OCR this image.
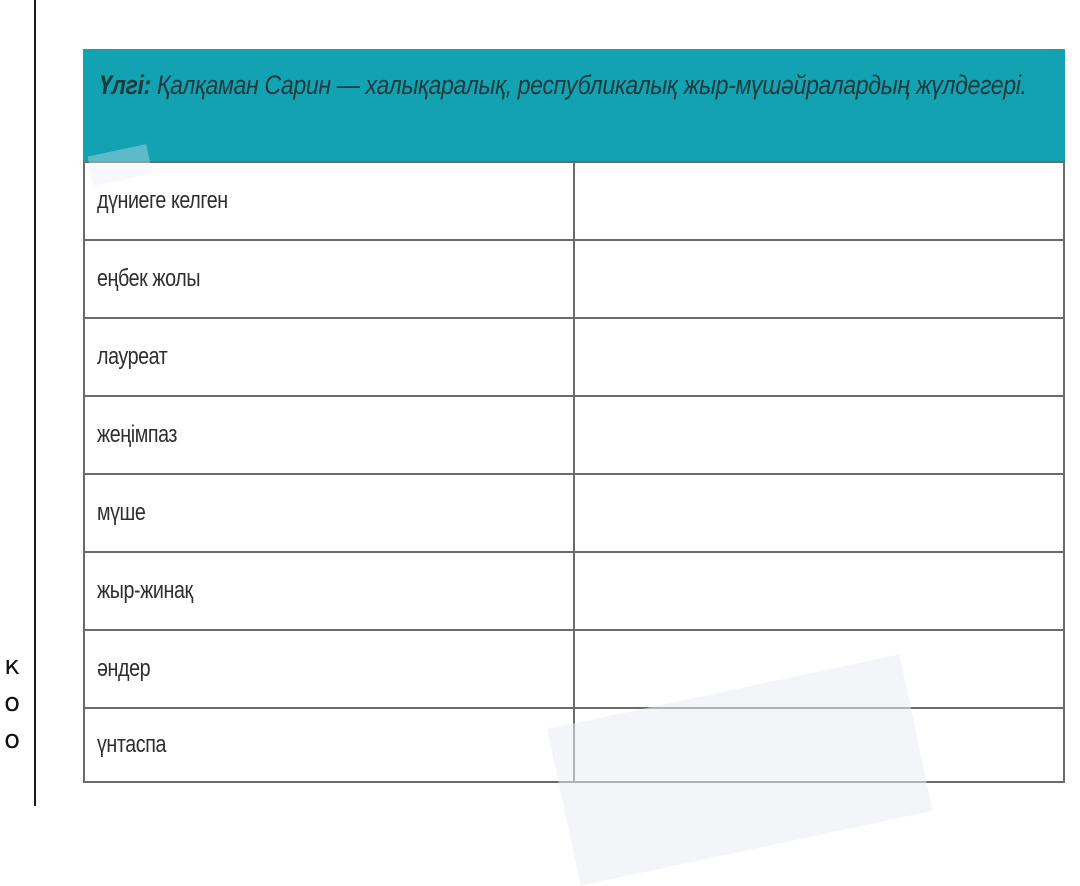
к
о
о
Үлгі: Қалқаман Сарин — халықаралық, республикалық жыр-мүшәйралардың жүлдегері.	
дүниеге келген	
еңбек жолы	
лауреат	
жеңімпаз	
мүше	
жыр-жинақ	
әндер	
үнтаспа	
